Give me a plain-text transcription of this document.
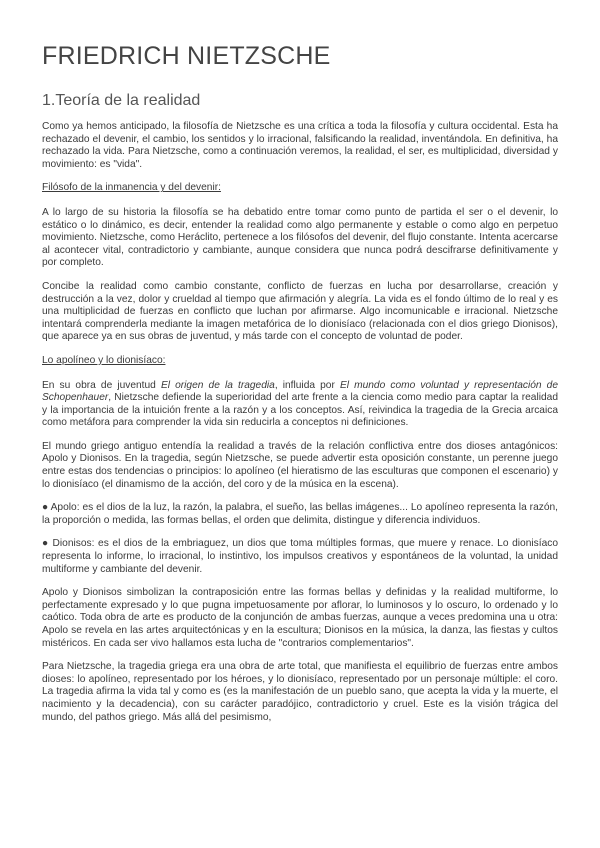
FRIEDRICH NIETZSCHE
1.Teoría de la realidad

Como ya hemos anticipado, la filosofía de Nietzsche es una crítica a toda la filosofía y cultura occidental. Esta ha rechazado el devenir, el cambio, los sentidos y lo irracional, falsificando la realidad, inventándola. En definitiva, ha rechazado la vida. Para Nietzsche, como a continuación veremos, la realidad, el ser, es multiplicidad, diversidad y movimiento: es "vida".

Filósofo de la inmanencia y del devenir:

A lo largo de su historia la filosofía se ha debatido entre tomar como punto de partida el ser o el devenir, lo estático o lo dinámico, es decir, entender la realidad como algo permanente y estable o como algo en perpetuo movimiento. Nietzsche, como Heráclito, pertenece a los filósofos del devenir, del flujo constante. Intenta acercarse al acontecer vital, contradictorio y cambiante, aunque considera que nunca podrá descifrarse definitivamente y por completo.

Concibe la realidad como cambio constante, conflicto de fuerzas en lucha por desarrollarse, creación y destrucción a la vez, dolor y crueldad al tiempo que afirmación y alegría. La vida es el fondo último de lo real y es una multiplicidad de fuerzas en conflicto que luchan por afirmarse. Algo incomunicable e irracional. Nietzsche intentará comprenderla mediante la imagen metafórica de lo dionisíaco (relacionada con el dios griego Dionisos), que aparece ya en sus obras de juventud, y más tarde con el concepto de voluntad de poder.

Lo apolíneo y lo dionisíaco:

En su obra de juventud El origen de la tragedia, influida por El mundo como voluntad y representación de Schopenhauer, Nietzsche defiende la superioridad del arte frente a la ciencia como medio para captar la realidad y la importancia de la intuición frente a la razón y a los conceptos. Así, reivindica la tragedia de la Grecia arcaica como metáfora para comprender la vida sin reducirla a conceptos ni definiciones.

El mundo griego antiguo entendía la realidad a través de la relación conflictiva entre dos dioses antagónicos: Apolo y Dionisos. En la tragedia, según Nietzsche, se puede advertir esta oposición constante, un perenne juego entre estas dos tendencias o principios: lo apolíneo (el hieratismo de las esculturas que componen el escenario) y lo dionisíaco (el dinamismo de la acción, del coro y de la música en la escena).

● Apolo: es el dios de la luz, la razón, la palabra, el sueño, las bellas imágenes... Lo apolíneo representa la razón, la proporción o medida, las formas bellas, el orden que delimita, distingue y diferencia individuos.

● Dionisos: es el dios de la embriaguez, un dios que toma múltiples formas, que muere y renace. Lo dionisíaco representa lo informe, lo irracional, lo instintivo, los impulsos creativos y espontáneos de la voluntad, la unidad multiforme y cambiante del devenir.

Apolo y Dionisos simbolizan la contraposición entre las formas bellas y definidas y la realidad multiforme, lo perfectamente expresado y lo que pugna impetuosamente por aflorar, lo luminosos y lo oscuro, lo ordenado y lo caótico. Toda obra de arte es producto de la conjunción de ambas fuerzas, aunque a veces predomina una u otra: Apolo se revela en las artes arquitectónicas y en la escultura; Dionisos en la música, la danza, las fiestas y cultos mistéricos. En cada ser vivo hallamos esta lucha de "contrarios complementarios".

Para Nietzsche, la tragedia griega era una obra de arte total, que manifiesta el equilibrio de fuerzas entre ambos dioses: lo apolíneo, representado por los héroes, y lo dionisíaco, representado por un personaje múltiple: el coro. La tragedia afirma la vida tal y como es (es la manifestación de un pueblo sano, que acepta la vida y la muerte, el nacimiento y la decadencia), con su carácter paradójico, contradictorio y cruel. Este es la visión trágica del mundo, del pathos griego. Más allá del pesimismo,
